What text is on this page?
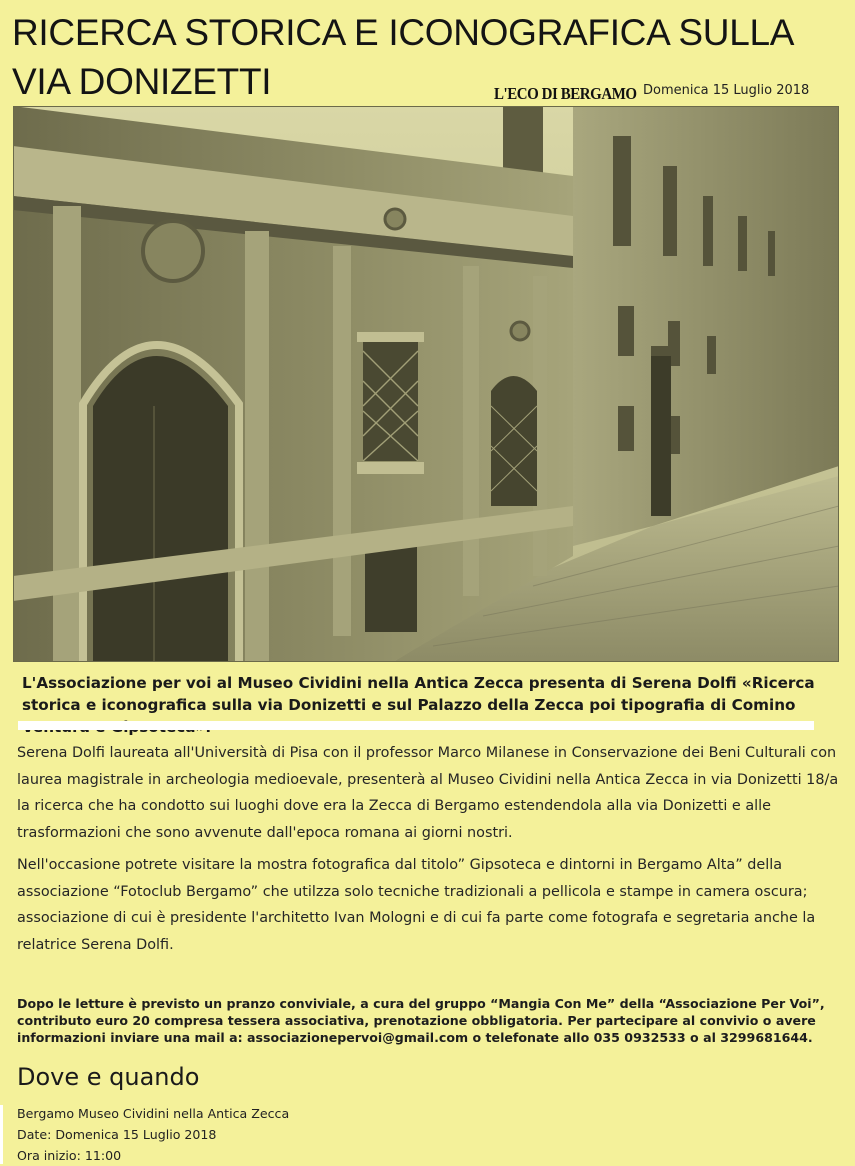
RICERCA STORICA E ICONOGRAFICA SULLA VIA DONIZETTI	L'ECO DI BERGAMO Domenica 15 Luglio 2018

L'Associazione per voi al Museo Cividini nella Antica Zecca presenta di Serena Dolfi «Ricerca storica e iconografica sulla via Donizetti e sul Palazzo della Zecca poi tipografia di Comino

Serena Dolfi laureata all'Università di Pisa con il professor Marco Milanese in Conservazione dei Beni Culturali con laurea magistrale in archeologia medioevale, presenterà al Museo Cividini nella Antica Zecca in via Donizetti 18/a la ricerca che ha condotto sui luoghi dove era la Zecca di Bergamo estendendola alla via Donizetti e alle trasformazioni che sono avvenute dall'epoca romana ai giorni nostri.

Nell'occasione potrete visitare la mostra fotografica dal titolo” Gipsoteca e dintorni in Bergamo Alta” della associazione “Fotoclub Bergamo” che utilzza solo tecniche tradizionali a pellicola e stampe in camera oscura; associazione di cui è presidente l'architetto Ivan Mologni e di cui fa parte come fotografa e segretaria anche la relatrice Serena Dolfi.

Dopo le letture è previsto un pranzo conviviale, a cura del gruppo “Mangia Con Me” della “Associazione Per Voi”, contributo euro 20 compresa tessera associativa, prenotazione obbligatoria. Per partecipare al convivio o avere informazioni inviare una mail a: associazionepervoi@gmail.com o telefonate allo 035 0932533 o al 3299681644.

Dove e quando
Bergamo Museo Cividini nella Antica Zecca
Date: Domenica 15 Luglio 2018
Ora inizio: 11:00
